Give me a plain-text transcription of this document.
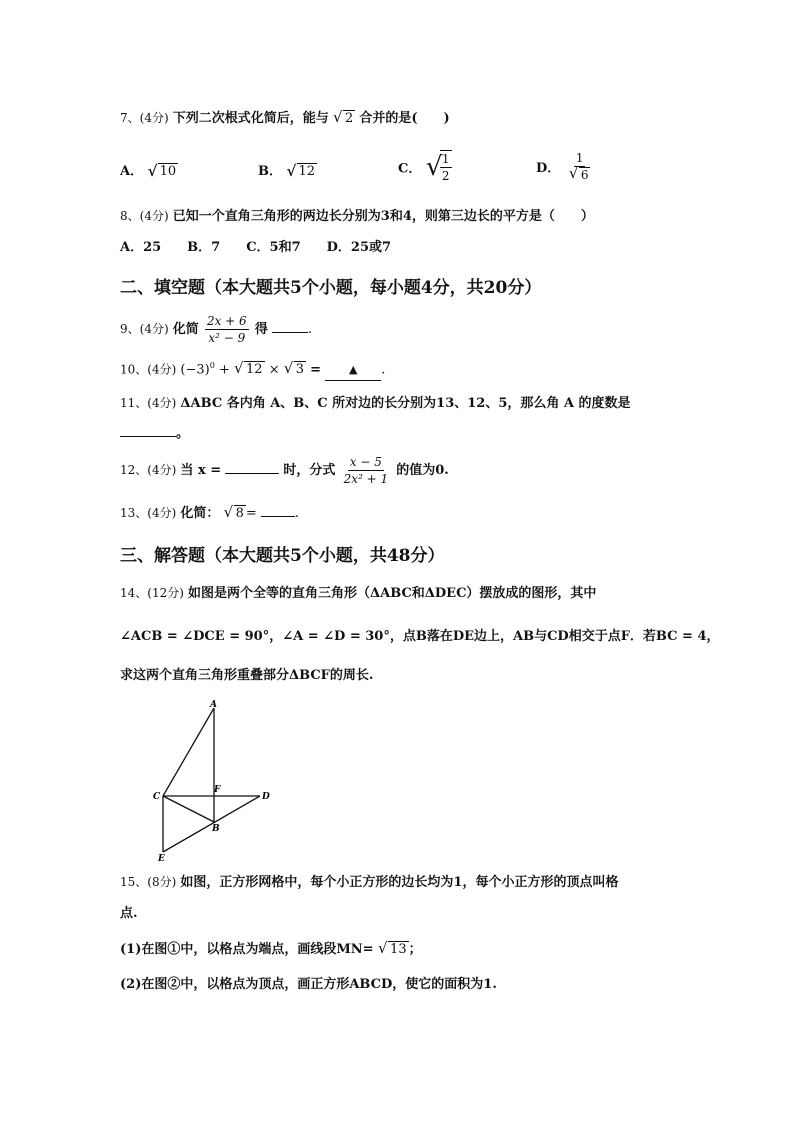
7、(4分) 下列二次根式化简后，能与 √ 2 合并的是(　　)
A． √ 10	B． √ 12	C． √
$\frac{1}{2}$	D． $\frac{1}{√ 6}$
8、(4分) 已知一个直角三角形的两边长分别为3和4，则第三边长的平方是（　　）
A．25　　B．7　　C．5和7　　D．25或7
二、填空题（本大题共5个小题，每小题4分，共20分）
9、(4分) 化简 $\frac{2x + 6}{\text{x² − 9}}$ 得	.
10、(4分) $(-3)^0$ + √ 12 × √ 3 =	▲ .
11、(4分) ΔABC 各内角 A、B、C 所对边的长分别为13、12、5，那么角 A 的度数是
。
12、(4分) 当 x =	时，分式 $\frac{x - 5}{\text{2x² + 1}}$ 的值为0.
13、(4分) 化简： √ 8 =	.
三、解答题（本大题共5个小题，共48分）
14、(12分) 如图是两个全等的直角三角形（ΔABC和ΔDEC）摆放成的图形，其中
∠ACB = ∠DCE = 90°，∠A = ∠D = 30°，点B落在DE边上，AB与CD相交于点F．若BC = 4，
求这两个直角三角形重叠部分ΔBCF的周长.
A
C
F
D
B
E
15、(8分) 如图，正方形网格中，每个小正方形的边长均为1，每个小正方形的顶点叫格
点.
(1)在图①中，以格点为端点，画线段MN= √ 13 ；
(2)在图②中，以格点为顶点，画正方形ABCD，使它的面积为1.
